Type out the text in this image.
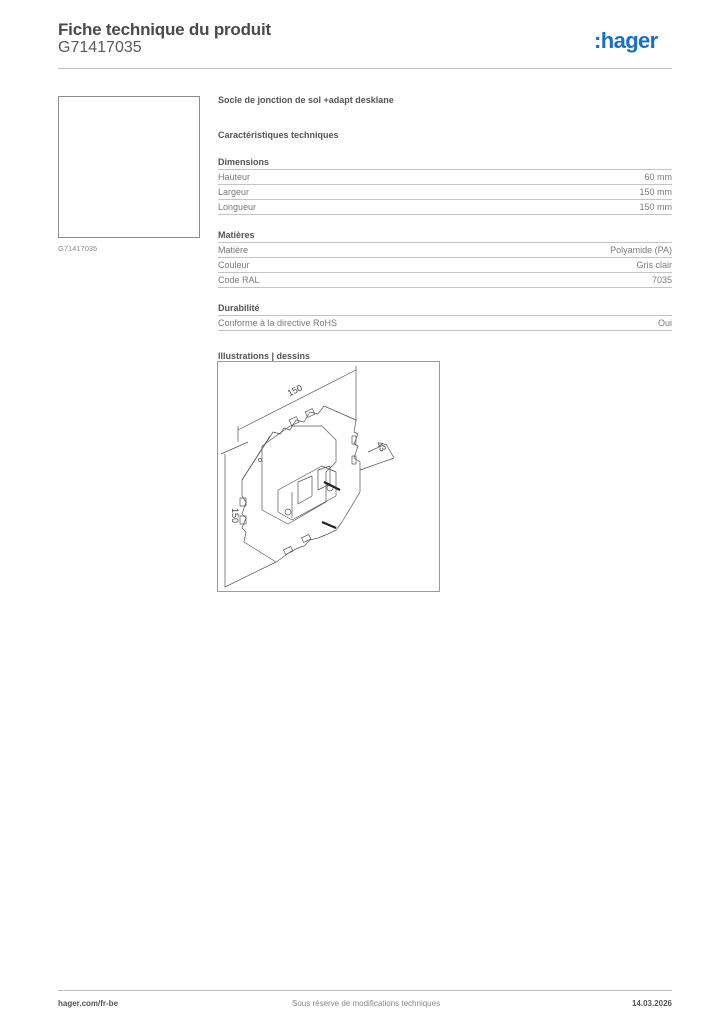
Fiche technique du produit
G71417035	:hager
G71417035
Socle de jonction de sol +adapt desklane
Caractéristiques techniques
Dimensions
Hauteur	60 mm
Largeur	150 mm
Longueur	150 mm
Matières
Matière	Polyamide (PA)
Couleur	Gris clair
Code RAL	7035
Durabilité
Conforme à la directive RoHS	Oui
Illustrations | dessins
150
150
43
hager.com/fr-be	Sous réserve de modifications techniques	14.03.2026
